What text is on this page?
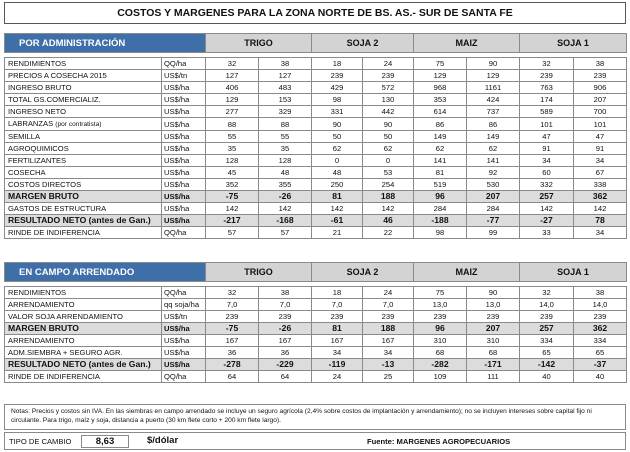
COSTOS Y MARGENES PARA LA ZONA NORTE DE BS. AS.- SUR DE SANTA FE
POR ADMINISTRACIÓN		TRIGO		SOJA 2		MAIZ		SOJA 1	

RENDIMIENTOS	QQ/ha	32	38	18	24	75	90	32	38
PRECIOS A COSECHA 2015	US$/tn	127	127	239	239	129	129	239	239
INGRESO BRUTO	US$/ha	406	483	429	572	968	1161	763	906
TOTAL GS.COMERCIALIZ.	US$/ha	129	153	98	130	353	424	174	207
INGRESO NETO	US$/ha	277	329	331	442	614	737	589	700
LABRANZAS (por contratista)	US$/ha	88	88	90	90	86	86	101	101
SEMILLA	US$/ha	55	55	50	50	149	149	47	47
AGROQUIMICOS	US$/ha	35	35	62	62	62	62	91	91
FERTILIZANTES	US$/ha	128	128	0	0	141	141	34	34
COSECHA	US$/ha	45	48	48	53	81	92	60	67
COSTOS DIRECTOS	US$/ha	352	355	250	254	519	530	332	338
MARGEN BRUTO	US$/ha	-75	-26	81	188	96	207	257	362
GASTOS DE ESTRUCTURA	US$/ha	142	142	142	142	284	284	142	142
RESULTADO NETO (antes de Gan.)	US$/ha	-217	-168	-61	46	-188	-77	-27	78
RINDE DE INDIFERENCIA	QQ/ha	57	57	21	22	98	99	33	34
EN CAMPO ARRENDADO		TRIGO		SOJA 2		MAIZ		SOJA 1	

RENDIMIENTOS	QQ/ha	32	38	18	24	75	90	32	38
ARRENDAMIENTO	qq soja/ha	7,0	7,0	7,0	7,0	13,0	13,0	14,0	14,0
VALOR SOJA ARRENDAMIENTO	US$/tn	239	239	239	239	239	239	239	239
MARGEN BRUTO	US$/ha	-75	-26	81	188	96	207	257	362
ARRENDAMIENTO	US$/ha	167	167	167	167	310	310	334	334
ADM.SIEMBRA + SEGURO AGR.	US$/ha	36	36	34	34	68	68	65	65
RESULTADO NETO (antes de Gan.)	US$/ha	-278	-229	-119	-13	-282	-171	-142	-37
RINDE DE INDIFERENCIA	QQ/ha	64	64	24	25	109	111	40	40
Notas: Precios y costos sin IVA. En las siembras en campo arrendado se incluye un seguro agrícola (2,4% sobre costos de implantación y arrendamiento); no se incluyen intereses sobre capital fijo ni circulante. Para trigo, maíz y soja, distancia a puerto (30 km flete corto + 200 km flete largo).
TIPO DE CAMBIO	8,63	$/dólar	Fuente: MARGENES AGROPECUARIOS
